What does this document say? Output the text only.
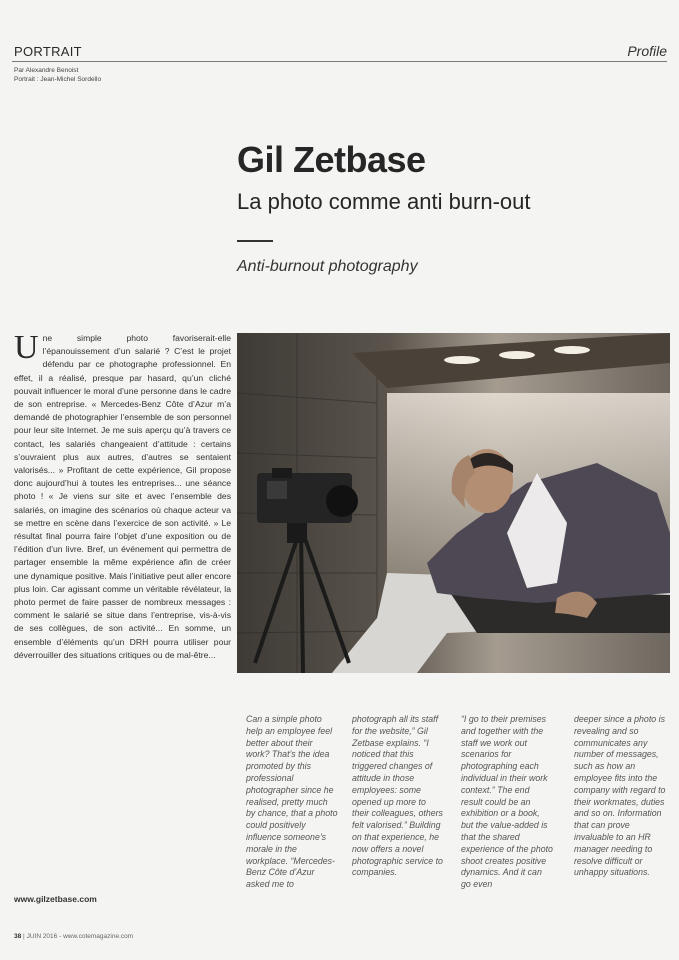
PORTRAIT	Profile
Par Alexandre Benoist
Portrait : Jean-Michel Sordello
Gil Zetbase
La photo comme anti burn-out
Anti-burnout photography

Une simple photo favoriserait-elle l’épanouissement d’un salarié ? C’est le projet défendu par ce photographe professionnel. En effet, il a réalisé, presque par hasard, qu’un cliché pouvait influencer le moral d’une personne dans le cadre de son entreprise. « Mercedes-Benz Côte d’Azur m’a demandé de photographier l’ensemble de son personnel pour leur site Internet. Je me suis aperçu qu’à travers ce contact, les salariés changeaient d’attitude : certains s’ouvraient plus aux autres, d’autres se sentaient valorisés... » Profitant de cette expérience, Gil propose donc aujourd’hui à toutes les entreprises... une séance photo ! « Je viens sur site et avec l’ensemble des salariés, on imagine des scénarios où chaque acteur va se mettre en scène dans l’exercice de son activité. » Le résultat final pourra faire l’objet d’une exposition ou de l’édition d’un livre. Bref, un événement qui permettra de partager ensemble la même expérience afin de créer une dynamique positive. Mais l’initiative peut aller encore plus loin. Car agissant comme un véritable révélateur, la photo permet de faire passer de nombreux messages : comment le salarié se situe dans l’entreprise, vis-à-vis de ses collègues, de son activité... En somme, un ensemble d’éléments qu’un DRH pourra utiliser pour déverrouiller des situations critiques ou de mal-être...

Can a simple photo help an employee feel better about their work? That’s the idea promoted by this professional photographer since he realised, pretty much by chance, that a photo could positively influence someone’s morale in the workplace. “Mercedes-Benz Côte d’Azur asked me to

photograph all its staff for the website,” Gil Zetbase explains. “I noticed that this triggered changes of attitude in those employees: some opened up more to their colleagues, others felt valorised.” Building on that experience, he now offers a novel photographic service to companies.

“I go to their premises and together with the staff we work out scenarios for photographing each individual in their work context.” The end result could be an exhibition or a book, but the value-added is that the shared experience of the photo shoot creates positive dynamics. And it can go even

deeper since a photo is revealing and so communicates any number of messages, such as how an employee fits into the company with regard to their workmates, duties and so on. Information that can prove invaluable to an HR manager needing to resolve difficult or unhappy situations.

www.gilzetbase.com
38 | JUIN 2016 - www.cotemagazine.com
